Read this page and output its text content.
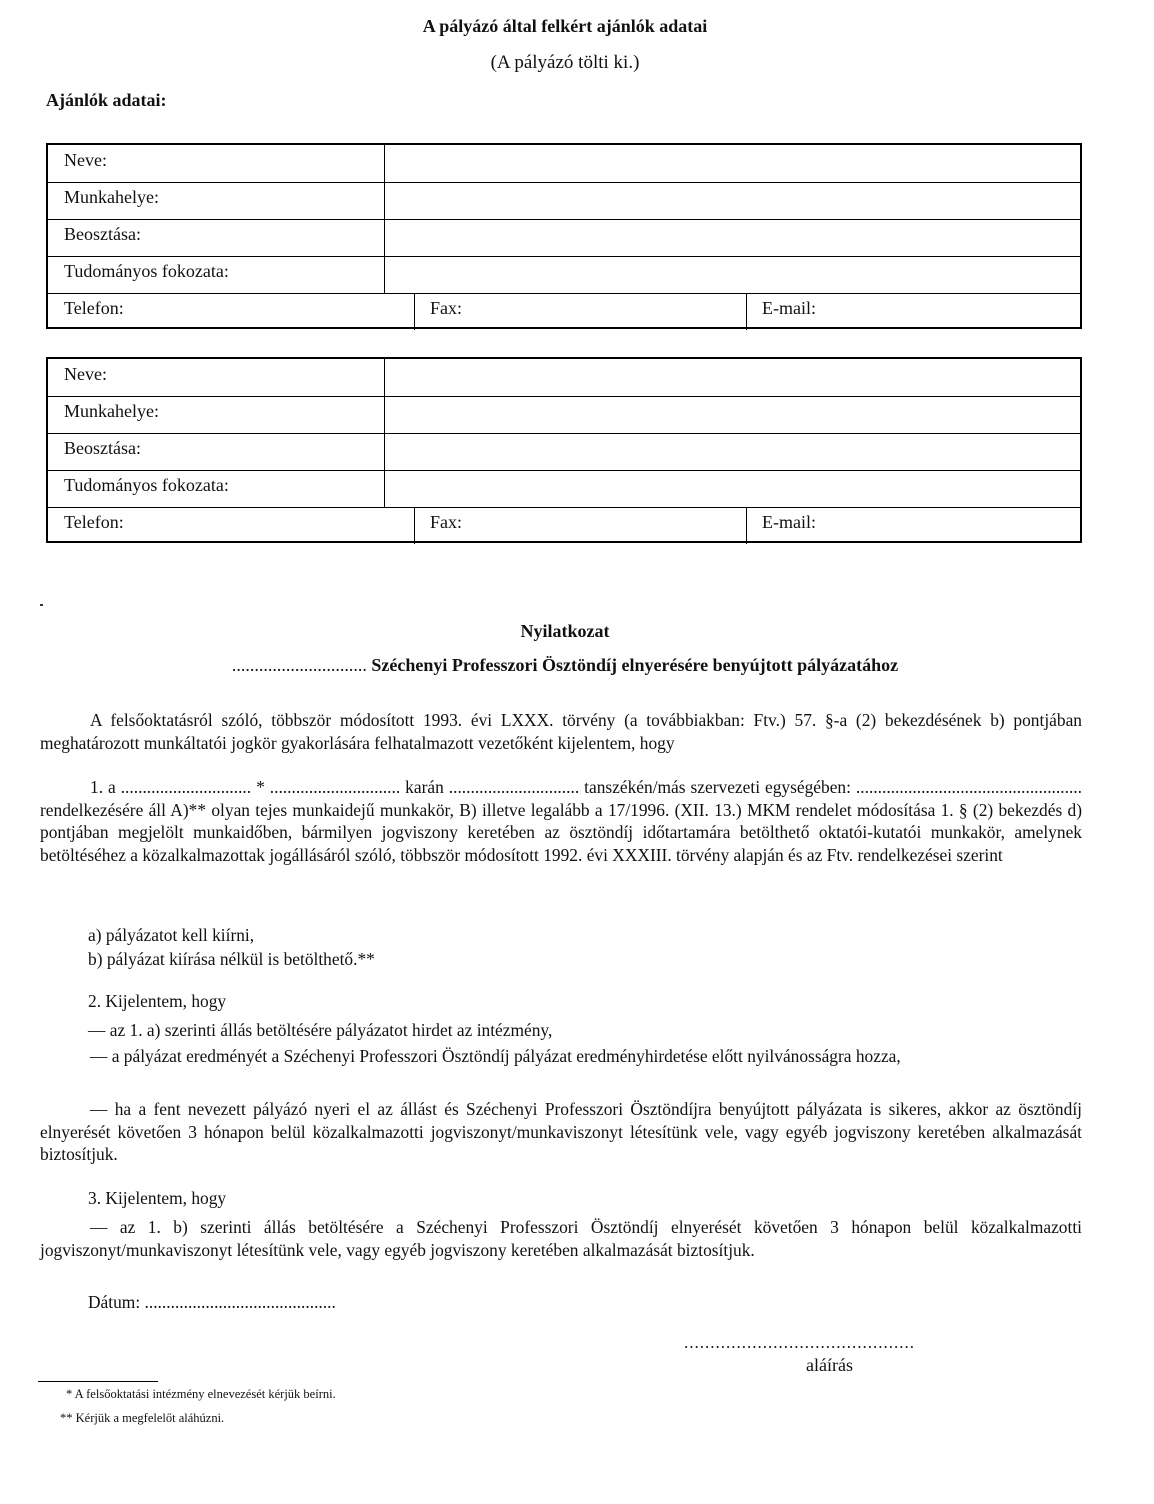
A pályázó által felkért ajánlók adatai
(A pályázó tölti ki.)
Ajánlók adatai:
Neve:
Munkahelye:
Beosztása:
Tudományos fokozata:
Telefon:	Fax:	E-mail:
Neve:
Munkahelye:
Beosztása:
Tudományos fokozata:
Telefon:	Fax:	E-mail:
Nyilatkozat
.............................. Széchenyi Professzori Ösztöndíj elnyerésére benyújtott pályázatához
A felsőoktatásról szóló, többször módosított 1993. évi LXXX. törvény (a továbbiakban: Ftv.) 57. §-a (2) bekezdésének b) pontjában meghatározott munkáltatói jogkör gyakorlására felhatalmazott vezetőként kijelentem, hogy
1. a .............................. * .............................. karán .............................. tanszékén/más szervezeti egységében: .................................................... rendelkezésére áll A)** olyan tejes munkaidejű munkakör, B) illetve legalább a 17/1996. (XII. 13.) MKM rendelet módosítása 1. § (2) bekezdés d) pontjában megjelölt munkaidőben, bármilyen jogviszony keretében az ösztöndíj időtartamára betölthető oktatói-kutatói munkakör, amelynek betöltéséhez a közalkalmazottak jogállásáról szóló, többször módosított 1992. évi XXXIII. törvény alapján és az Ftv. rendelkezései szerint
a) pályázatot kell kiírni,
b) pályázat kiírása nélkül is betölthető.**
2. Kijelentem, hogy
— az 1. a) szerinti állás betöltésére pályázatot hirdet az intézmény,
— a pályázat eredményét a Széchenyi Professzori Ösztöndíj pályázat eredményhirdetése előtt nyilvánosságra hozza,
— ha a fent nevezett pályázó nyeri el az állást és Széchenyi Professzori Ösztöndíjra benyújtott pályázata is sikeres, akkor az ösztöndíj elnyerését követően 3 hónapon belül közalkalmazotti jogviszonyt/munkaviszonyt létesítünk vele, vagy egyéb jogviszony keretében alkalmazását biztosítjuk.
3. Kijelentem, hogy
— az 1. b) szerinti állás betöltésére a Széchenyi Professzori Ösztöndíj elnyerését követően 3 hónapon belül közalkalmazotti jogviszonyt/munkaviszonyt létesítünk vele, vagy egyéb jogviszony keretében alkalmazását biztosítjuk.
Dátum: ............................................
............................................
aláírás
* A felsőoktatási intézmény elnevezését kérjük beírni.
** Kérjük a megfelelőt aláhúzni.
